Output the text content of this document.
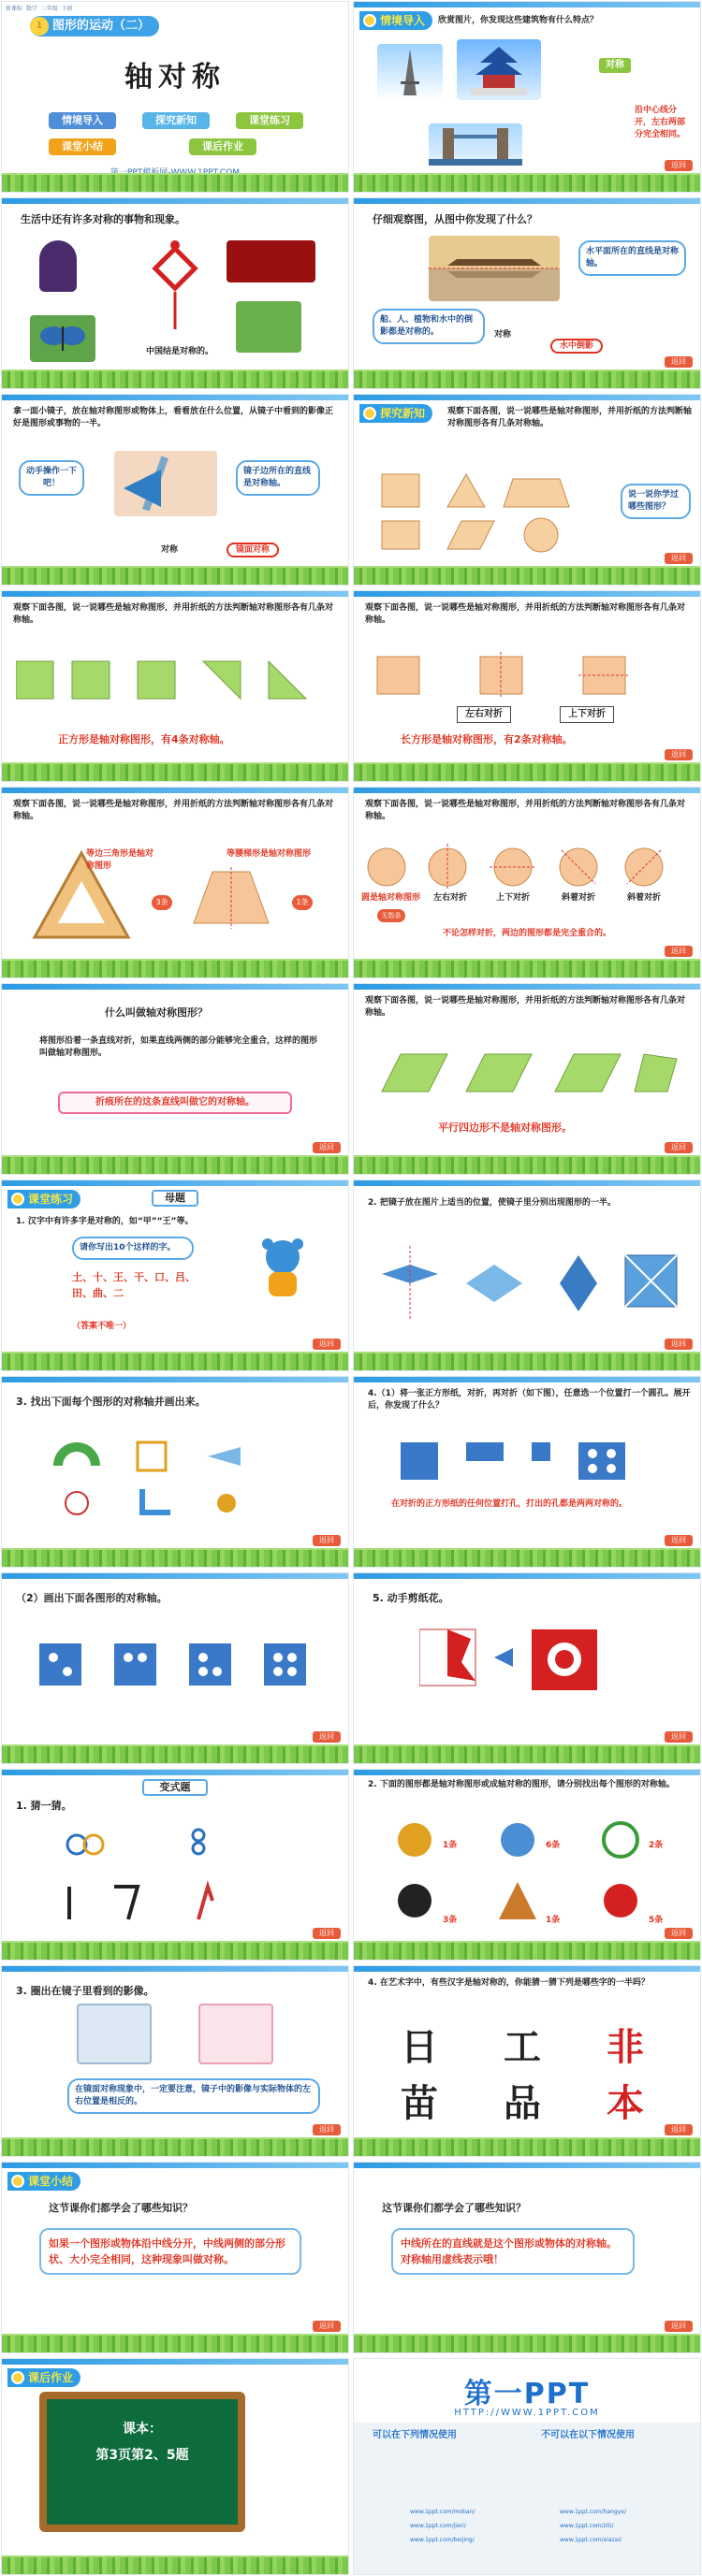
新课标 数学 三年级 下册
图形的运动（二）
1
轴对称
情境导入	探究新知	课堂练习
课堂小结	课后作业
情境导入	欣赏图片，你发现这些建筑物有什么特点？
对称
沿中心线分开，左右两部分完全相同。
返回
生活中还有许多对称的事物和现象。
中国结是对称的。
仔细观察图，从图中你发现了什么？
水平面所在的直线是对称轴。
船、人、植物和水中的倒影都是对称的。	对称
水中倒影
返回
拿一面小镜子，放在轴对称图形或物体上，看看放在什么位置，从镜子中看到的影像正好是图形或事物的一半。
动手操作一下吧！
镜子边所在的直线是对称轴。
对称	镜面对称
探究新知	观察下面各图，说一说哪些是轴对称图形，并用折纸的方法判断轴对称图形各有几条对称轴。
说一说你学过哪些图形？
返回
观察下面各图，说一说哪些是轴对称图形，并用折纸的方法判断轴对称图形各有几条对称轴。
正方形是轴对称图形，有4条对称轴。
观察下面各图，说一说哪些是轴对称图形，并用折纸的方法判断轴对称图形各有几条对称轴。
左右对折	上下对折
长方形是轴对称图形，有2条对称轴。
返回
观察下面各图，说一说哪些是轴对称图形，并用折纸的方法判断轴对称图形各有几条对称轴。
等边三角形是轴对称图形
3条
等腰梯形是轴对称图形
1条
观察下面各图，说一说哪些是轴对称图形，并用折纸的方法判断轴对称图形各有几条对称轴。
圆是轴对称图形
无数条
左右对折	上下对折	斜着对折	斜着对折
不论怎样对折，两边的图形都是完全重合的。
返回
什么叫做轴对称图形？
将图形沿着一条直线对折，如果直线两侧的部分能够完全重合，这样的图形叫做轴对称图形。
折痕所在的这条直线叫做它的对称轴。
返回
观察下面各图，说一说哪些是轴对称图形，并用折纸的方法判断轴对称图形各有几条对称轴。
平行四边形不是轴对称图形。
返回
课堂练习	母题
1. 汉字中有许多字是对称的，如“甲”“王”等。
请你写出10个这样的字。
土、十、王、干、口、吕、田、曲、二
（答案不唯一）
返回
2. 把镜子放在图片上适当的位置，使镜子里分别出现图形的一半。
返回
3. 找出下面每个图形的对称轴并画出来。
返回
4.（1）将一张正方形纸，对折，再对折（如下图），任意选一个位置打一个圆孔。展开后，你发现了什么？
在对折的正方形纸的任何位置打孔，打出的孔都是两两对称的。
返回
（2）画出下面各图形的对称轴。
返回
5. 动手剪纸花。
返回
变式题
1. 猜一猜。
返回
2. 下面的图形都是轴对称图形或成轴对称的图形，请分别找出每个图形的对称轴。
1条	6条	2条
3条	1条	5条
返回
3. 圈出在镜子里看到的影像。
在镜面对称现象中，一定要注意，镜子中的影像与实际物体的左右位置是相反的。
返回
4. 在艺术字中，有些汉字是轴对称的，你能猜一猜下列是哪些字的一半吗？
日 工 非
苗 品 本
返回
课堂小结
这节课你们都学会了哪些知识？
如果一个图形或物体沿中线分开，中线两侧的部分形状、大小完全相同，这种现象叫做对称。
返回
这节课你们都学会了哪些知识？
中线所在的直线就是这个图形或物体的对称轴。对称轴用虚线表示哦！
返回
课后作业
课本：
第3页第2、5题
第一PPT
HTTP://WWW.1PPT.COM
可以在下列情况使用	不可以在以下情况使用
www.1ppt.com/moban/	www.1ppt.com/hangye/
www.1ppt.com/jieri/	www.1ppt.com/ziti/
www.1ppt.com/beijing/	www.1ppt.com/xiazai/
